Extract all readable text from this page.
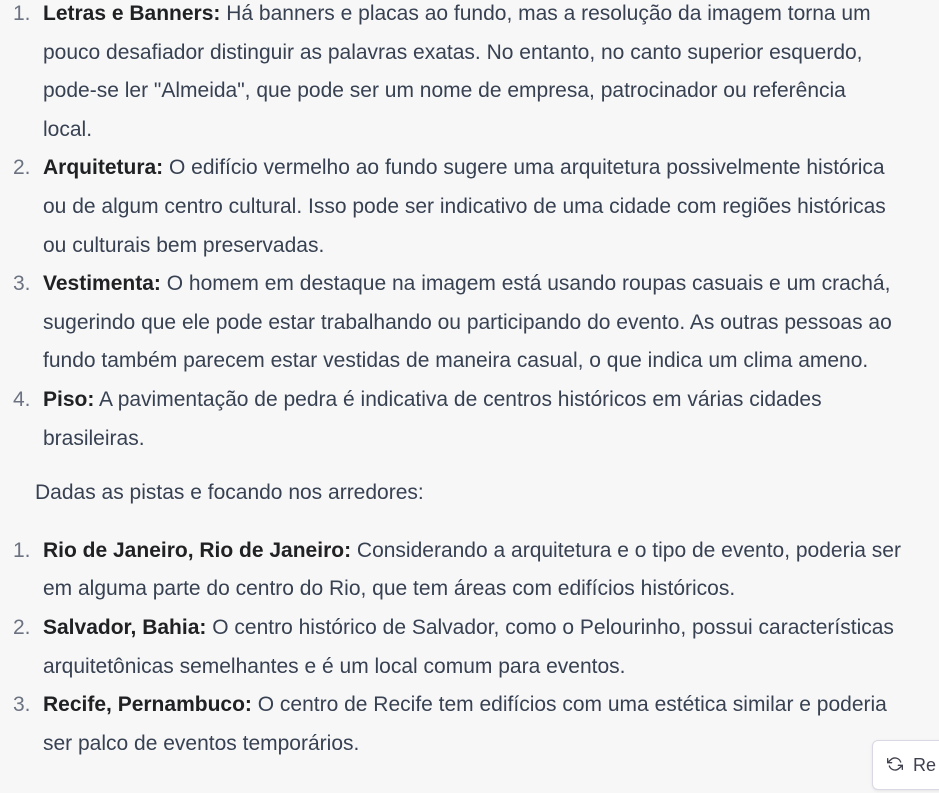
1. Letras e Banners: Há banners e placas ao fundo, mas a resolução da imagem torna um
pouco desafiador distinguir as palavras exatas. No entanto, no canto superior esquerdo,
pode-se ler "Almeida", que pode ser um nome de empresa, patrocinador ou referência
local.
2. Arquitetura: O edifício vermelho ao fundo sugere uma arquitetura possivelmente histórica
ou de algum centro cultural. Isso pode ser indicativo de uma cidade com regiões históricas
ou culturais bem preservadas.
3. Vestimenta: O homem em destaque na imagem está usando roupas casuais e um crachá,
sugerindo que ele pode estar trabalhando ou participando do evento. As outras pessoas ao
fundo também parecem estar vestidas de maneira casual, o que indica um clima ameno.
4. Piso: A pavimentação de pedra é indicativa de centros históricos em várias cidades
brasileiras.

Dadas as pistas e focando nos arredores:

1. Rio de Janeiro, Rio de Janeiro: Considerando a arquitetura e o tipo de evento, poderia ser
em alguma parte do centro do Rio, que tem áreas com edifícios históricos.
2. Salvador, Bahia: O centro histórico de Salvador, como o Pelourinho, possui características
arquitetônicas semelhantes e é um local comum para eventos.
3. Recife, Pernambuco: O centro de Recife tem edifícios com uma estética similar e poderia
ser palco de eventos temporários.
Re
